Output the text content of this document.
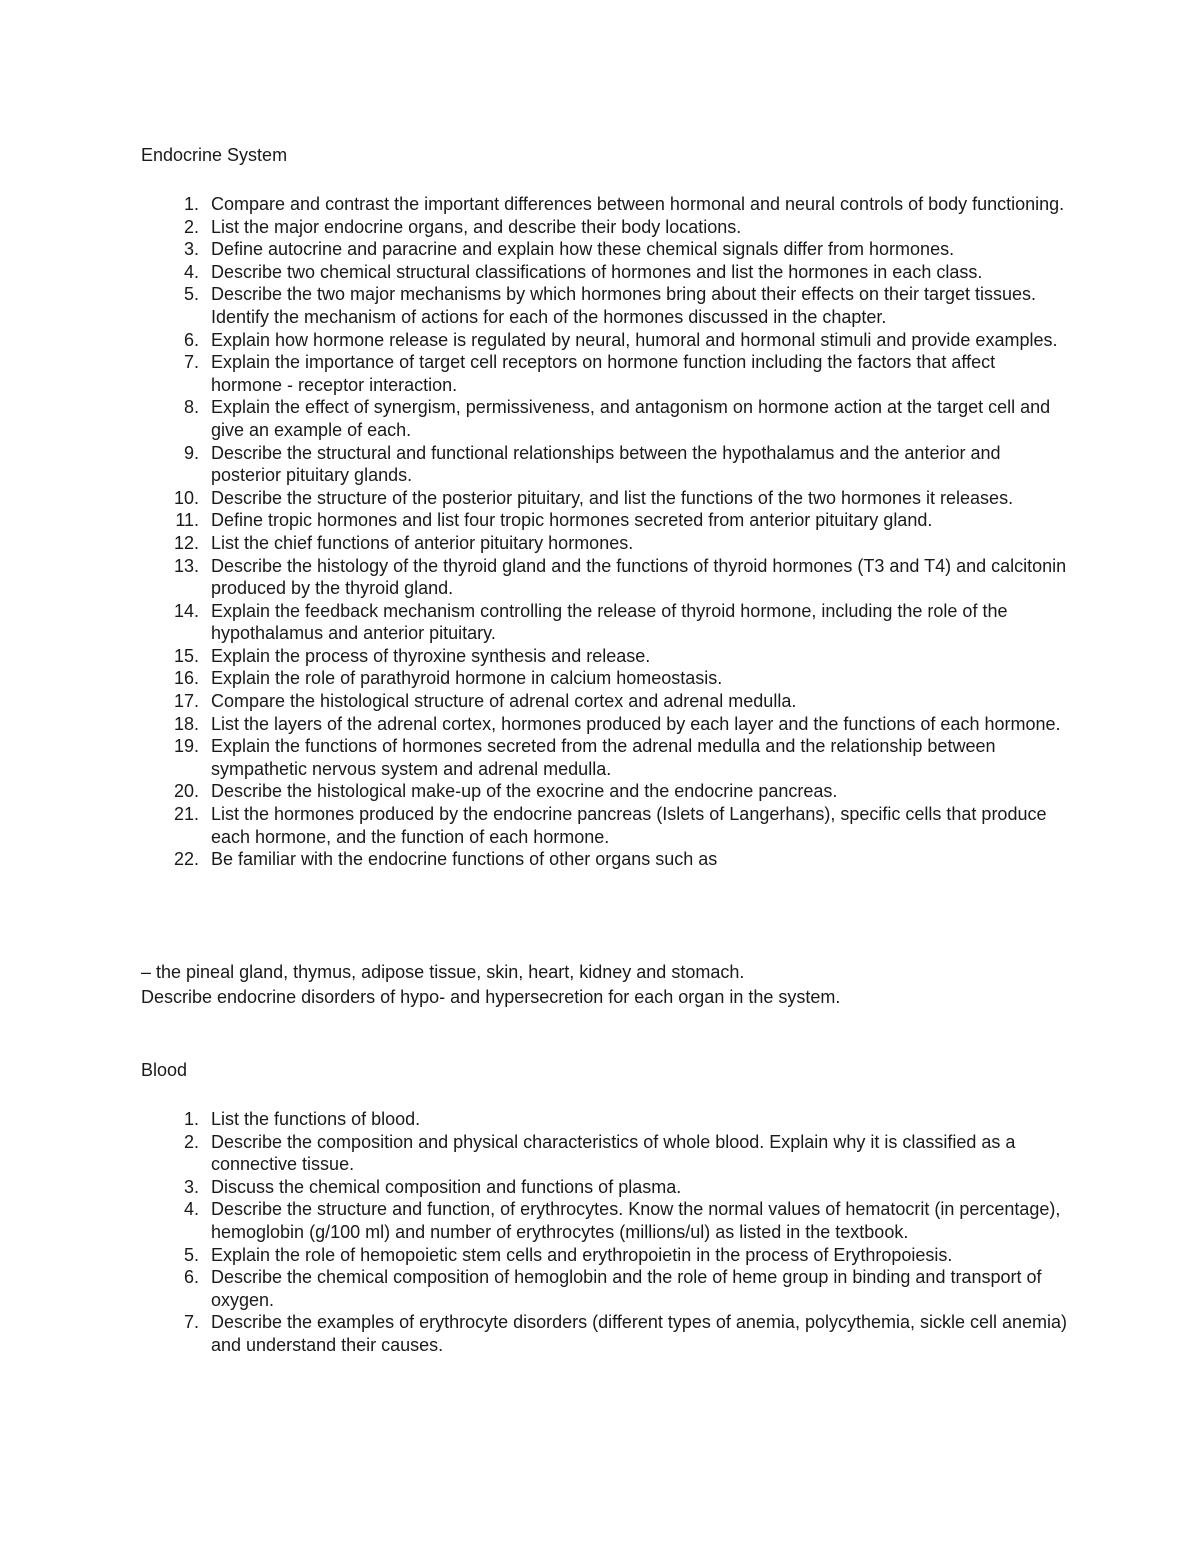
Endocrine System
1. Compare and contrast the important differences between hormonal and neural controls of body functioning.
2. List the major endocrine organs, and describe their body locations.
3. Define autocrine and paracrine and explain how these chemical signals differ from hormones.
4. Describe two chemical structural classifications of hormones and list the hormones in each class.
5. Describe the two major mechanisms by which hormones bring about their effects on their target tissues. Identify the mechanism of actions for each of the hormones discussed in the chapter.
6. Explain how hormone release is regulated by neural, humoral and hormonal stimuli and provide examples.
7. Explain the importance of target cell receptors on hormone function including the factors that affect hormone - receptor interaction.
8. Explain the effect of synergism, permissiveness, and antagonism on hormone action at the target cell and give an example of each.
9. Describe the structural and functional relationships between the hypothalamus and the anterior and posterior pituitary glands.
10. Describe the structure of the posterior pituitary, and list the functions of the two hormones it releases.
11. Define tropic hormones and list four tropic hormones secreted from anterior pituitary gland.
12. List the chief functions of anterior pituitary hormones.
13. Describe the histology of the thyroid gland and the functions of thyroid hormones (T3 and T4) and calcitonin produced by the thyroid gland.
14. Explain the feedback mechanism controlling the release of thyroid hormone, including the role of the hypothalamus and anterior pituitary.
15. Explain the process of thyroxine synthesis and release.
16. Explain the role of parathyroid hormone in calcium homeostasis.
17. Compare the histological structure of adrenal cortex and adrenal medulla.
18. List the layers of the adrenal cortex, hormones produced by each layer and the functions of each hormone.
19. Explain the functions of hormones secreted from the adrenal medulla and the relationship between sympathetic nervous system and adrenal medulla.
20. Describe the histological make-up of the exocrine and the endocrine pancreas.
21. List the hormones produced by the endocrine pancreas (Islets of Langerhans), specific cells that produce each hormone, and the function of each hormone.
22. Be familiar with the endocrine functions of other organs such as

– the pineal gland, thymus, adipose tissue, skin, heart, kidney and stomach.

Describe endocrine disorders of hypo- and hypersecretion for each organ in the system.

Blood
1. List the functions of blood.
2. Describe the composition and physical characteristics of whole blood. Explain why it is classified as a connective tissue.
3. Discuss the chemical composition and functions of plasma.
4. Describe the structure and function, of erythrocytes. Know the normal values of hematocrit (in percentage), hemoglobin (g/100 ml) and number of erythrocytes (millions/ul) as listed in the textbook.
5. Explain the role of hemopoietic stem cells and erythropoietin in the process of Erythropoiesis.
6. Describe the chemical composition of hemoglobin and the role of heme group in binding and transport of oxygen.
7. Describe the examples of erythrocyte disorders (different types of anemia, polycythemia, sickle cell anemia) and understand their causes.
